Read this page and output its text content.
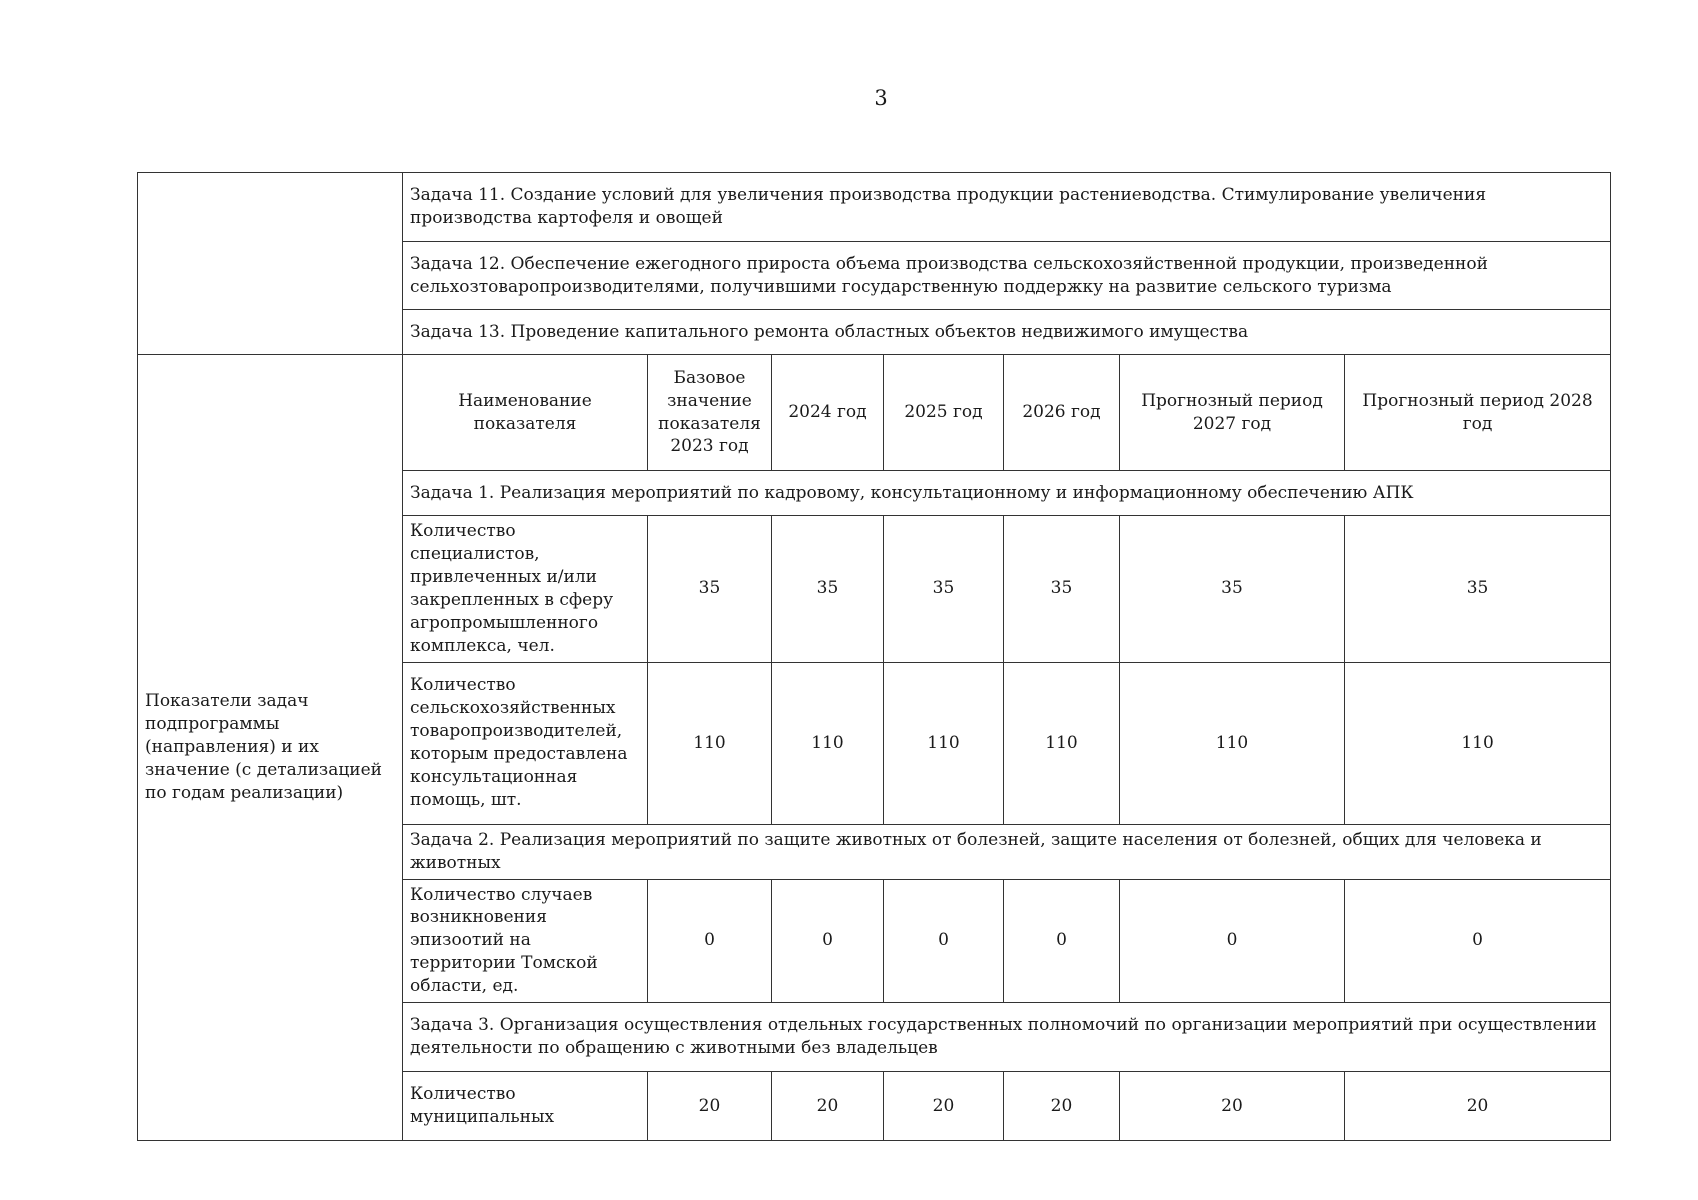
3
	Задача 11. Создание условий для увеличения производства продукции растениеводства. Стимулирование увеличения производства картофеля и овощей						
	Задача 12. Обеспечение ежегодного прироста объема производства сельскохозяйственной продукции, произведенной сельхозтоваропроизводителями, получившими государственную поддержку на развитие сельского туризма						
	Задача 13. Проведение капитального ремонта областных объектов недвижимого имущества						
Показатели задач подпрограммы (направления) и их значение (с детализацией по годам реализации)	Наименование показателя	Базовое значение показателя 2023 год	2024 год	2025 год	2026 год	Прогнозный период 2027 год	Прогнозный период 2028 год
	Задача 1. Реализация мероприятий по кадровому, консультационному и информационному обеспечению АПК						
	Количество специалистов, привлеченных и/или закрепленных в сферу агропромышленного комплекса, чел.	35	35	35	35	35	35
	Количество сельскохозяйственных товаропроизводителей, которым предоставлена консультационная помощь, шт.	110	110	110	110	110	110
	Задача 2. Реализация мероприятий по защите животных от болезней, защите населения от болезней, общих для человека и животных						
	Количество случаев возникновения эпизоотий на территории Томской области, ед.	0	0	0	0	0	0
	Задача 3. Организация осуществления отдельных государственных полномочий по организации мероприятий при осуществлении деятельности по обращению с животными без владельцев						
	Количество муниципальных	20	20	20	20	20	20
